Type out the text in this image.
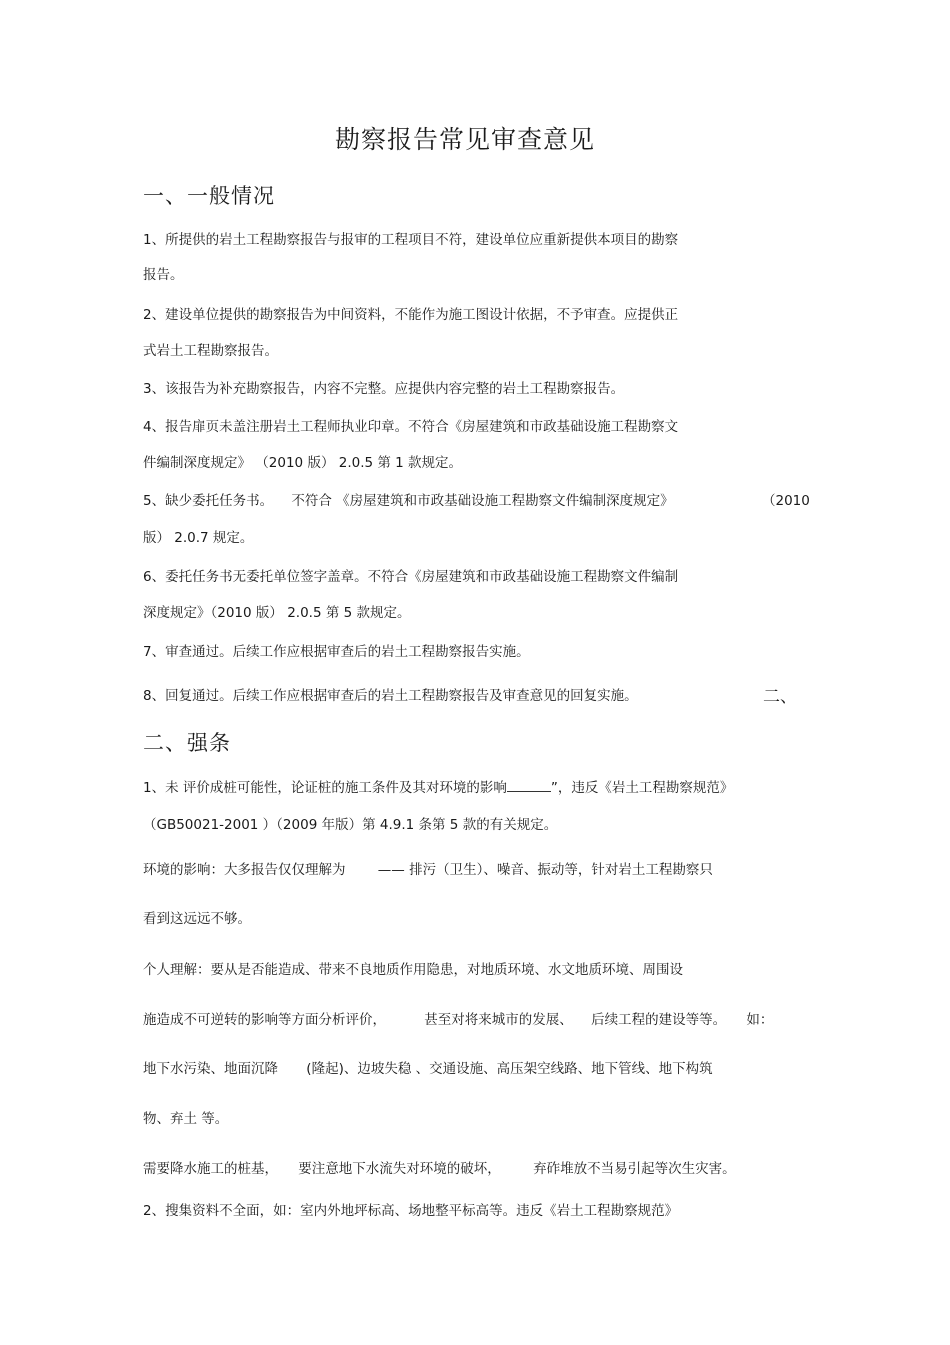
勘察报告常见审查意见
一、一般情况
1、所提供的岩土工程勘察报告与报审的工程项目不符，建设单位应重新提供本项目的勘察
报告。
2、建设单位提供的勘察报告为中间资料，不能作为施工图设计依据，不予审查。应提供正
式岩土工程勘察报告。
3、该报告为补充勘察报告，内容不完整。应提供内容完整的岩土工程勘察报告。
4、报告扉页未盖注册岩土工程师执业印章。不符合《房屋建筑和市政基础设施工程勘察文
件编制深度规定》 （2010 版） 2.0.5 第 1 款规定。
5、缺少委托任务书。 不符合 《房屋建筑和市政基础设施工程勘察文件编制深度规定》	（2010
版） 2.0.7 规定。
6、委托任务书无委托单位签字盖章。不符合《房屋建筑和市政基础设施工程勘察文件编制
深度规定》（2010 版） 2.0.5 第 5 款规定。
7、审查通过。后续工作应根据审查后的岩土工程勘察报告实施。
8、回复通过。后续工作应根据审查后的岩土工程勘察报告及审查意见的回复实施。	二、
二、强条
1、未 评价成桩可能性，论证桩的施工条件及其对环境的影响	”，违反《岩土工程勘察规范》
（GB50021-2001 ）（2009 年版）第 4.9.1 条第 5 款的有关规定。
环境的影响：大多报告仅仅理解为 —— 排污（卫生）、噪音、振动等，针对岩土工程勘察只
看到这远远不够。
个人理解：要从是否能造成、带来不良地质作用隐患，对地质环境、水文地质环境、周围设
施造成不可逆转的影响等方面分析评价，	甚至对将来城市的发展、 后续工程的建设等等。 如：
地下水污染、地面沉降 (隆起)、边坡失稳 、交通设施、高压架空线路、地下管线、地下构筑
物、弃土 等。
需要降水施工的桩基， 要注意地下水流失对环境的破坏， 弃砟堆放不当易引起等次生灾害。
2、搜集资料不全面，如：室内外地坪标高、场地整平标高等。违反《岩土工程勘察规范》
